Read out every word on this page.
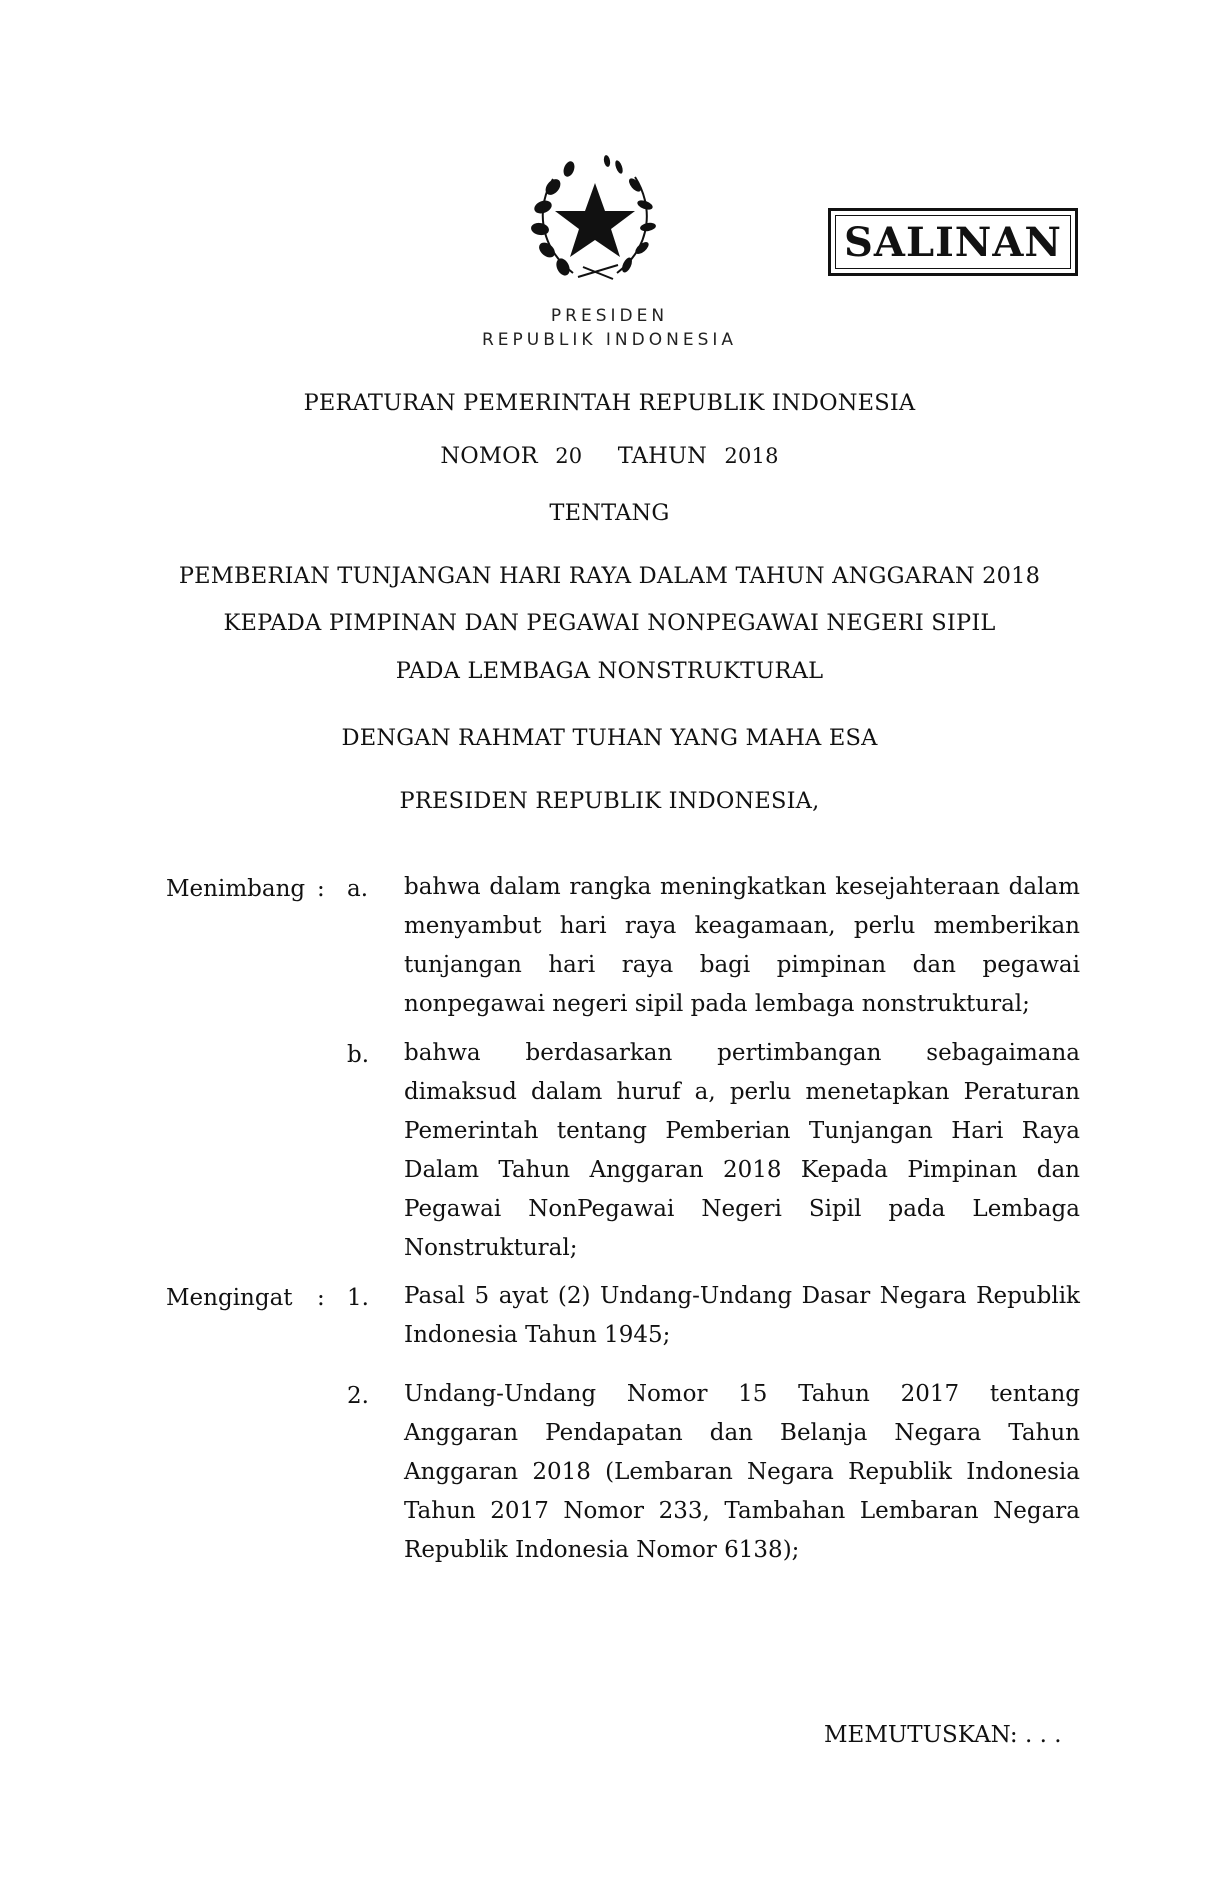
SALINAN
PRESIDEN
REPUBLIK INDONESIA
PERATURAN PEMERINTAH REPUBLIK INDONESIA
NOMOR 20 TAHUN 2018
TENTANG
PEMBERIAN TUNJANGAN HARI RAYA DALAM TAHUN ANGGARAN 2018
KEPADA PIMPINAN DAN PEGAWAI NONPEGAWAI NEGERI SIPIL
PADA LEMBAGA NONSTRUKTURAL
DENGAN RAHMAT TUHAN YANG MAHA ESA
PRESIDEN REPUBLIK INDONESIA,
Menimbang : a. bahwa dalam rangka meningkatkan kesejahteraan dalam menyambut hari raya keagamaan, perlu memberikan tunjangan hari raya bagi pimpinan dan pegawai nonpegawai negeri sipil pada lembaga nonstruktural;

b. bahwa berdasarkan pertimbangan sebagaimana dimaksud dalam huruf a, perlu menetapkan Peraturan Pemerintah tentang Pemberian Tunjangan Hari Raya Dalam Tahun Anggaran 2018 Kepada Pimpinan dan Pegawai NonPegawai Negeri Sipil pada Lembaga Nonstruktural;

Mengingat : 1. Pasal 5 ayat (2) Undang-Undang Dasar Negara Republik Indonesia Tahun 1945;

2. Undang-Undang Nomor 15 Tahun 2017 tentang Anggaran Pendapatan dan Belanja Negara Tahun Anggaran 2018 (Lembaran Negara Republik Indonesia Tahun 2017 Nomor 233, Tambahan Lembaran Negara Republik Indonesia Nomor 6138);

MEMUTUSKAN: . . .
